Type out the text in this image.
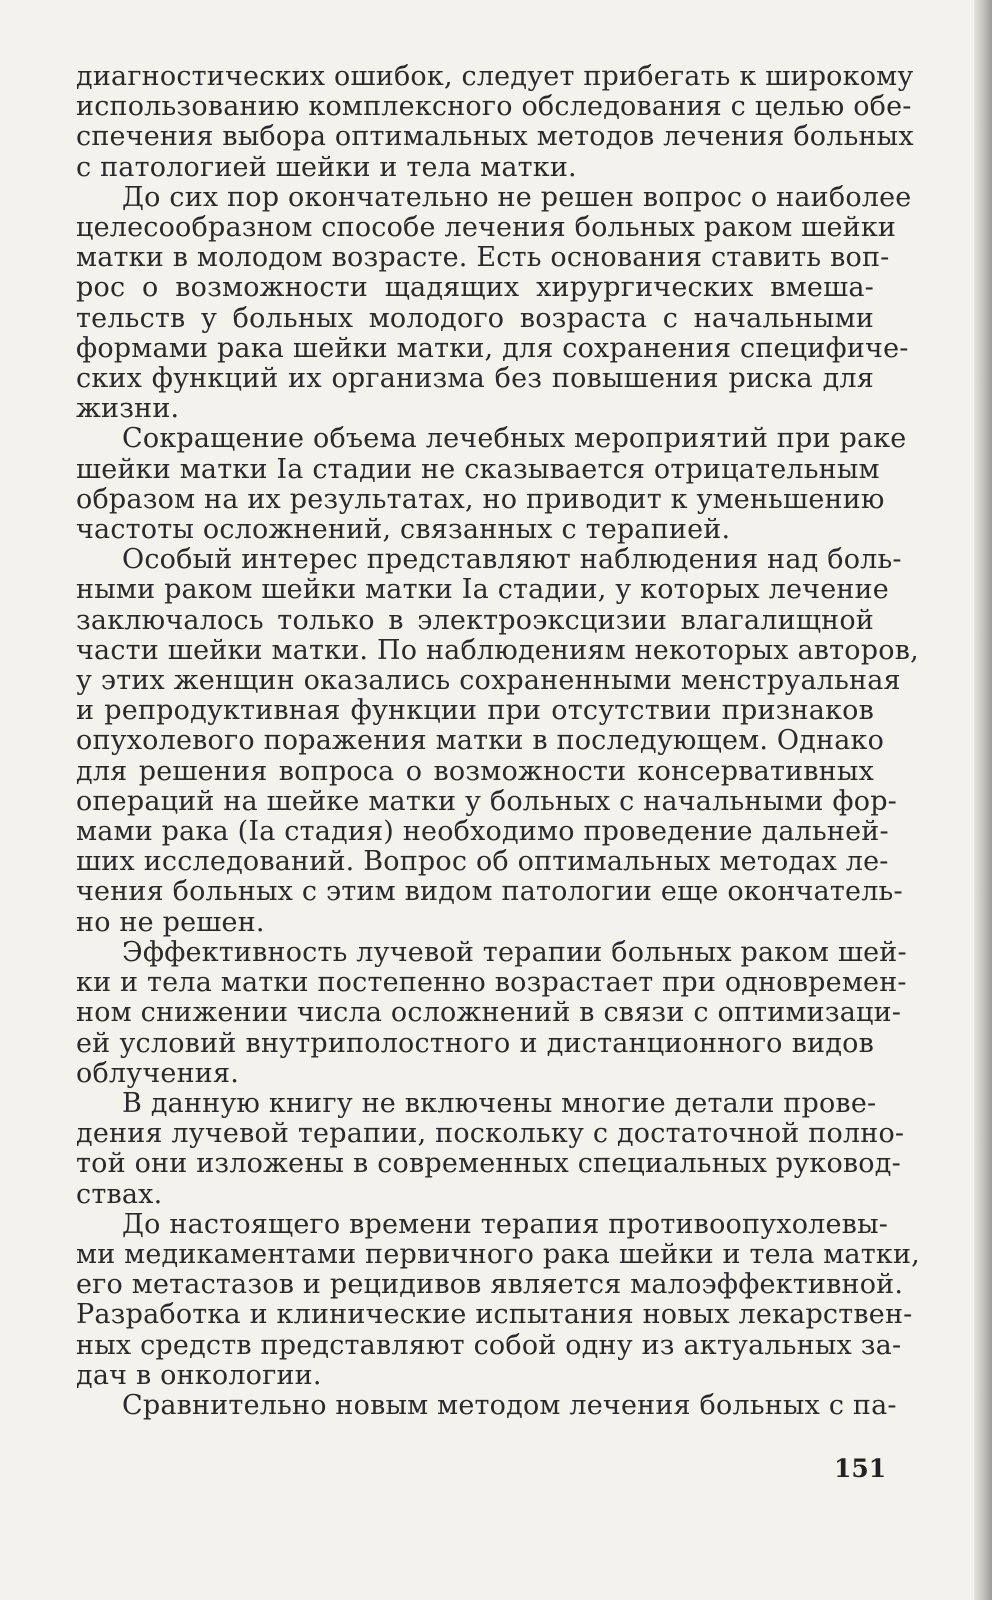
диагностических ошибок, следует прибегать к широкому
использованию комплексного обследования с целью обе-
спечения выбора оптимальных методов лечения больных
с патологией шейки и тела матки.
До сих пор окончательно не решен вопрос о наиболее
целесообразном способе лечения больных раком шейки
матки в молодом возрасте. Есть основания ставить воп-
рос о возможности щадящих хирургических вмеша-
тельств у больных молодого возраста с начальными
формами рака шейки матки, для сохранения специфиче-
ских функций их организма без повышения риска для
жизни.
Сокращение объема лечебных мероприятий при раке
шейки матки Iа стадии не сказывается отрицательным
образом на их результатах, но приводит к уменьшению
частоты осложнений, связанных с терапией.
Особый интерес представляют наблюдения над боль-
ными раком шейки матки Iа стадии, у которых лечение
заключалось только в электроэксцизии влагалищной
части шейки матки. По наблюдениям некоторых авторов,
у этих женщин оказались сохраненными менструальная
и репродуктивная функции при отсутствии признаков
опухолевого поражения матки в последующем. Однако
для решения вопроса о возможности консервативных
операций на шейке матки у больных с начальными фор-
мами рака (Iа стадия) необходимо проведение дальней-
ших исследований. Вопрос об оптимальных методах ле-
чения больных с этим видом патологии еще окончатель-
но не решен.
Эффективность лучевой терапии больных раком шей-
ки и тела матки постепенно возрастает при одновремен-
ном снижении числа осложнений в связи с оптимизаци-
ей условий внутриполостного и дистанционного видов
облучения.
В данную книгу не включены многие детали прове-
дения лучевой терапии, поскольку с достаточной полно-
той они изложены в современных специальных руковод-
ствах.
До настоящего времени терапия противоопухолевы-
ми медикаментами первичного рака шейки и тела матки,
его метастазов и рецидивов является малоэффективной.
Разработка и клинические испытания новых лекарствен-
ных средств представляют собой одну из актуальных за-
дач в онкологии.
Сравнительно новым методом лечения больных с па-
151
